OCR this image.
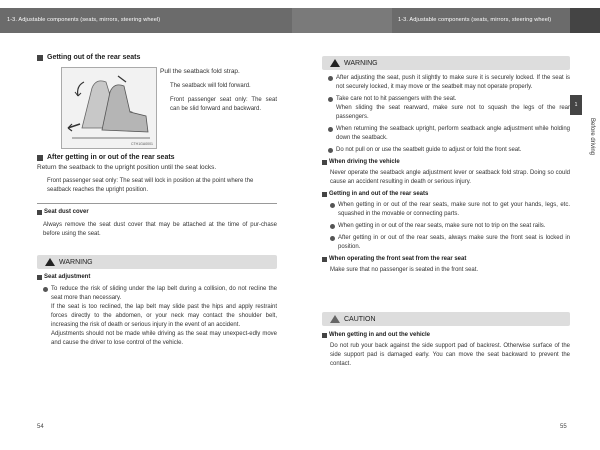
1-3. Adjustable components (seats, mirrors, steering wheel)	1-3. Adjustable components (seats, mirrors, steering wheel)
1
Before driving
Getting out of the rear seats
CTH1GA0001
Pull the seatback fold strap.
The seatback will fold forward.
Front passenger seat only: The seat can be slid forward and backward.
After getting in or out of the rear seats
Return the seatback to the upright position until the seat locks.
Front passenger seat only: The seat will lock in position at the point where the seatback reaches the upright position.
Seat dust cover
Always remove the seat dust cover that may be attached at the time of pur-chase before using the seat.
WARNING
Seat adjustment
To reduce the risk of sliding under the lap belt during a collision, do not recline the seat more than necessary.
If the seat is too reclined, the lap belt may slide past the hips and apply restraint forces directly to the abdomen, or your neck may contact the shoulder belt, increasing the risk of death or serious injury in the event of an accident.
Adjustments should not be made while driving as the seat may unexpect-edly move and cause the driver to lose control of the vehicle.
54
WARNING
After adjusting the seat, push it slightly to make sure it is securely locked. If the seat is not securely locked, it may move or the seatbelt may not operate properly.
Take care not to hit passengers with the seat.
When sliding the seat rearward, make sure not to squash the legs of the rear passengers.
When returning the seatback upright, perform seatback angle adjustment while holding down the seatback.
Do not pull on or use the seatbelt guide to adjust or fold the front seat.
When driving the vehicle
Never operate the seatback angle adjustment lever or seatback fold strap. Doing so could cause an accident resulting in death or serious injury.
Getting in and out of the rear seats
When getting in or out of the rear seats, make sure not to get your hands, legs, etc. squashed in the movable or connecting parts.
When getting in or out of the rear seats, make sure not to trip on the seat rails.
After getting in or out of the rear seats, always make sure the front seat is locked in position.
When operating the front seat from the rear seat
Make sure that no passenger is seated in the front seat.
CAUTION
When getting in and out the vehicle
Do not rub your back against the side support pad of backrest. Otherwise surface of the side support pad is damaged early. You can move the seat backward to prevent the contact.
55
